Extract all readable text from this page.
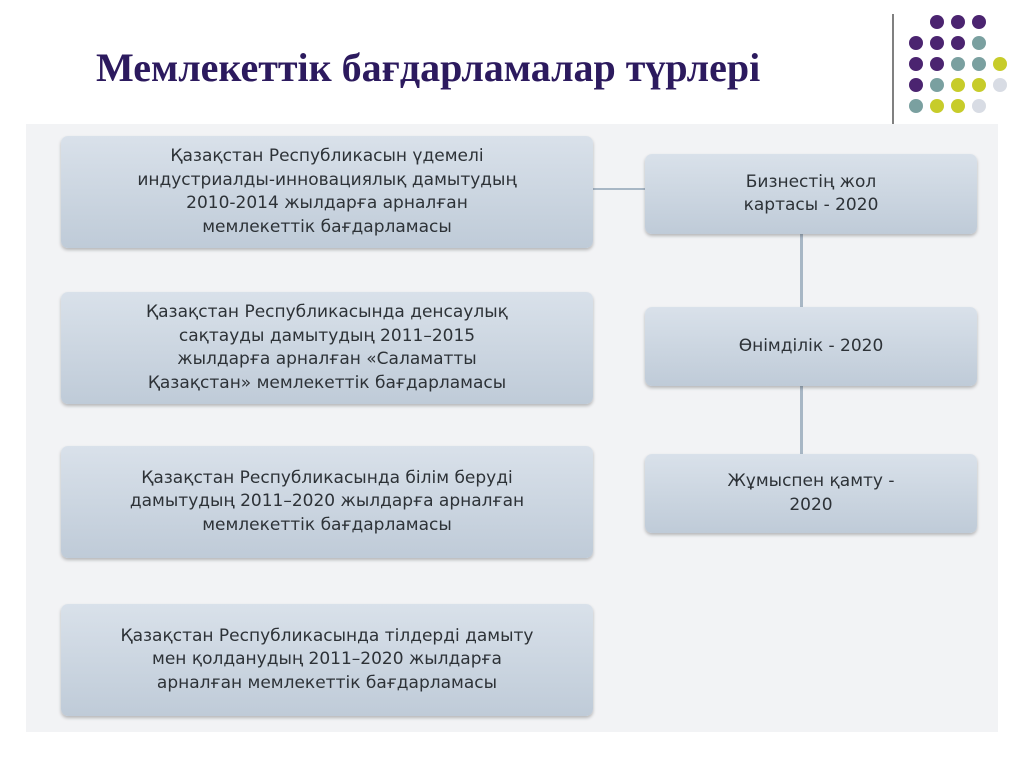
Мемлекеттік бағдарламалар түрлері
Қазақстан Республикасын үдемелі
индустриалды-инновациялық дамытудың
2010-2014 жылдарға арналған
мемлекеттік бағдарламасы
Қазақстан Республикасында денсаулық
сақтауды дамытудың 2011–2015
жылдарға арналған «Саламатты
Қазақстан» мемлекеттік бағдарламасы
Қазақстан Республикасында білім беруді
дамытудың 2011–2020 жылдарға арналған
мемлекеттік бағдарламасы
Қазақстан Республикасында тілдерді дамыту
мен қолданудың 2011–2020 жылдарға
арналған мемлекеттік бағдарламасы
Бизнестің жол
картасы - 2020
Өнімділік - 2020
Жұмыспен қамту -
2020
